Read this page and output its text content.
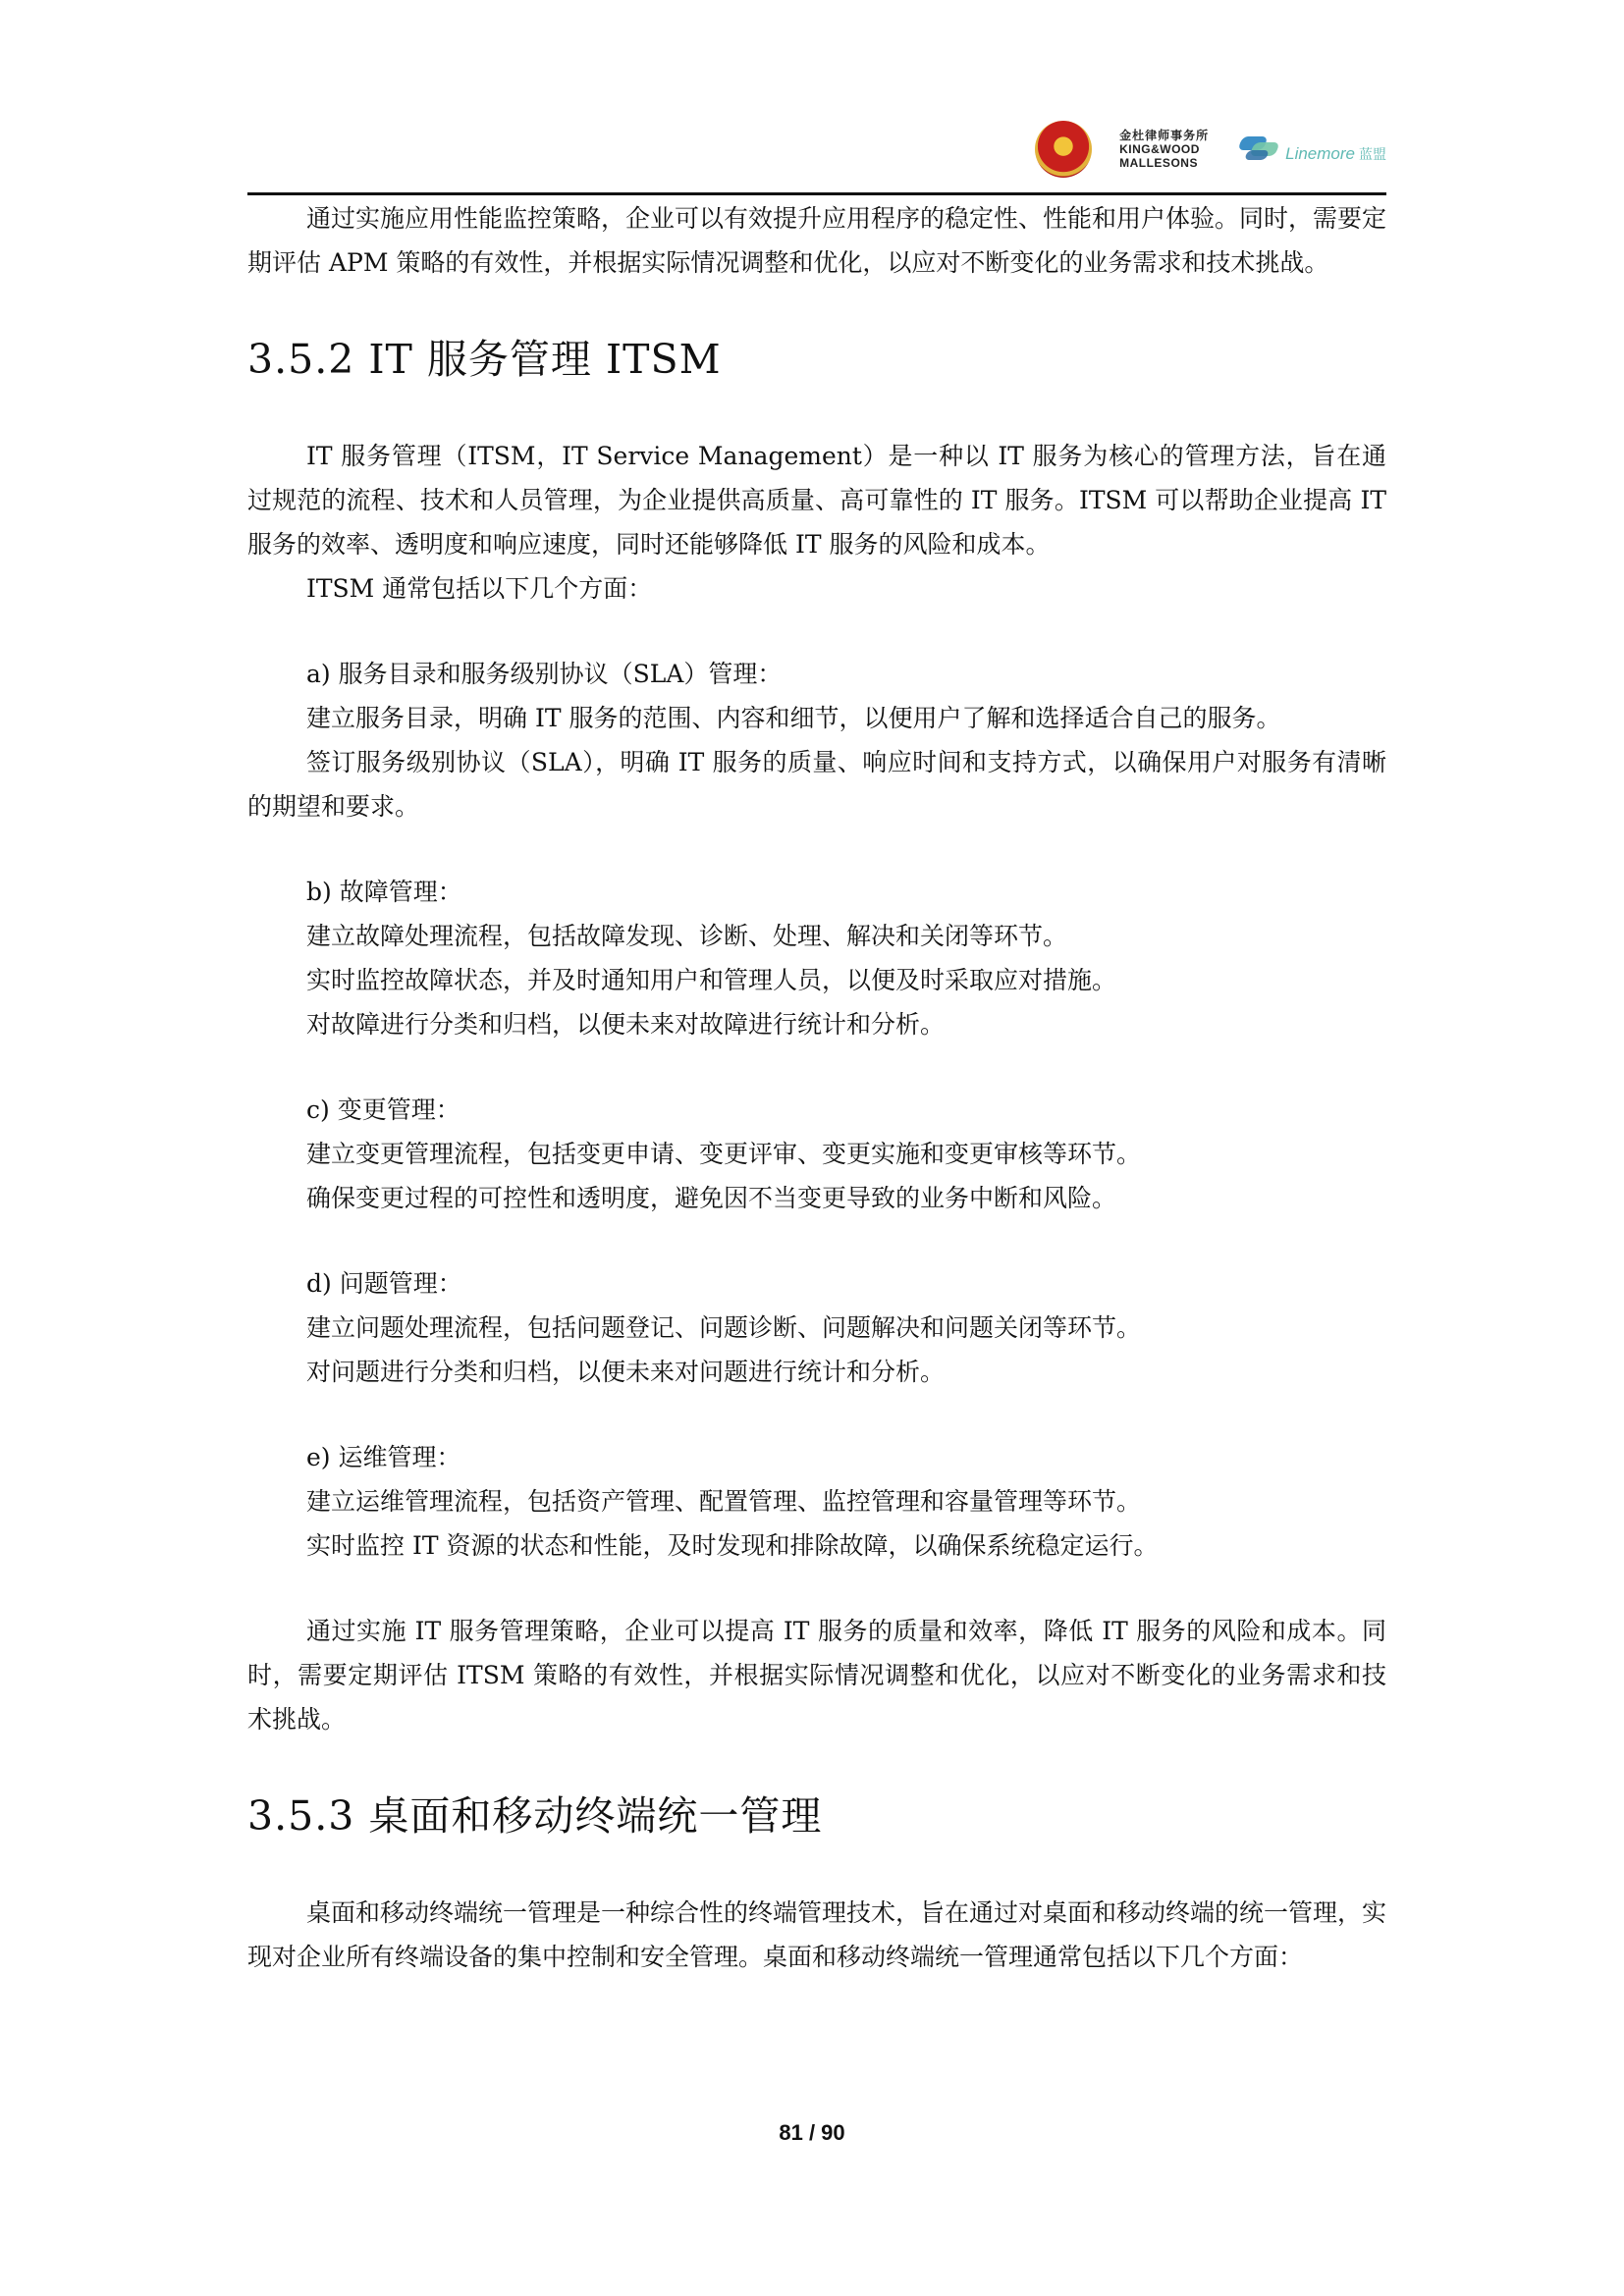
金杜律师事务所
KING&WOOD
MALLESONS	Linemore 蓝盟

通过实施应用性能监控策略，企业可以有效提升应用程序的稳定性、性能和用户体验。同时，需要定期评估 APM 策略的有效性，并根据实际情况调整和优化，以应对不断变化的业务需求和技术挑战。

3.5.2 IT 服务管理 ITSM

IT 服务管理（ITSM，IT Service Management）是一种以 IT 服务为核心的管理方法，旨在通过规范的流程、技术和人员管理，为企业提供高质量、高可靠性的 IT 服务。ITSM 可以帮助企业提高 IT 服务的效率、透明度和响应速度，同时还能够降低 IT 服务的风险和成本。

ITSM 通常包括以下几个方面：

a) 服务目录和服务级别协议（SLA）管理：

建立服务目录，明确 IT 服务的范围、内容和细节，以便用户了解和选择适合自己的服务。

签订服务级别协议（SLA），明确 IT 服务的质量、响应时间和支持方式，以确保用户对服务有清晰的期望和要求。

b) 故障管理：

建立故障处理流程，包括故障发现、诊断、处理、解决和关闭等环节。

实时监控故障状态，并及时通知用户和管理人员，以便及时采取应对措施。

对故障进行分类和归档，以便未来对故障进行统计和分析。

c) 变更管理：

建立变更管理流程，包括变更申请、变更评审、变更实施和变更审核等环节。

确保变更过程的可控性和透明度，避免因不当变更导致的业务中断和风险。

d) 问题管理：

建立问题处理流程，包括问题登记、问题诊断、问题解决和问题关闭等环节。

对问题进行分类和归档，以便未来对问题进行统计和分析。

e) 运维管理：

建立运维管理流程，包括资产管理、配置管理、监控管理和容量管理等环节。

实时监控 IT 资源的状态和性能，及时发现和排除故障，以确保系统稳定运行。

通过实施 IT 服务管理策略，企业可以提高 IT 服务的质量和效率，降低 IT 服务的风险和成本。同时，需要定期评估 ITSM 策略的有效性，并根据实际情况调整和优化，以应对不断变化的业务需求和技术挑战。

3.5.3 桌面和移动终端统一管理

桌面和移动终端统一管理是一种综合性的终端管理技术，旨在通过对桌面和移动终端的统一管理，实现对企业所有终端设备的集中控制和安全管理。桌面和移动终端统一管理通常包括以下几个方面：

81 / 90
